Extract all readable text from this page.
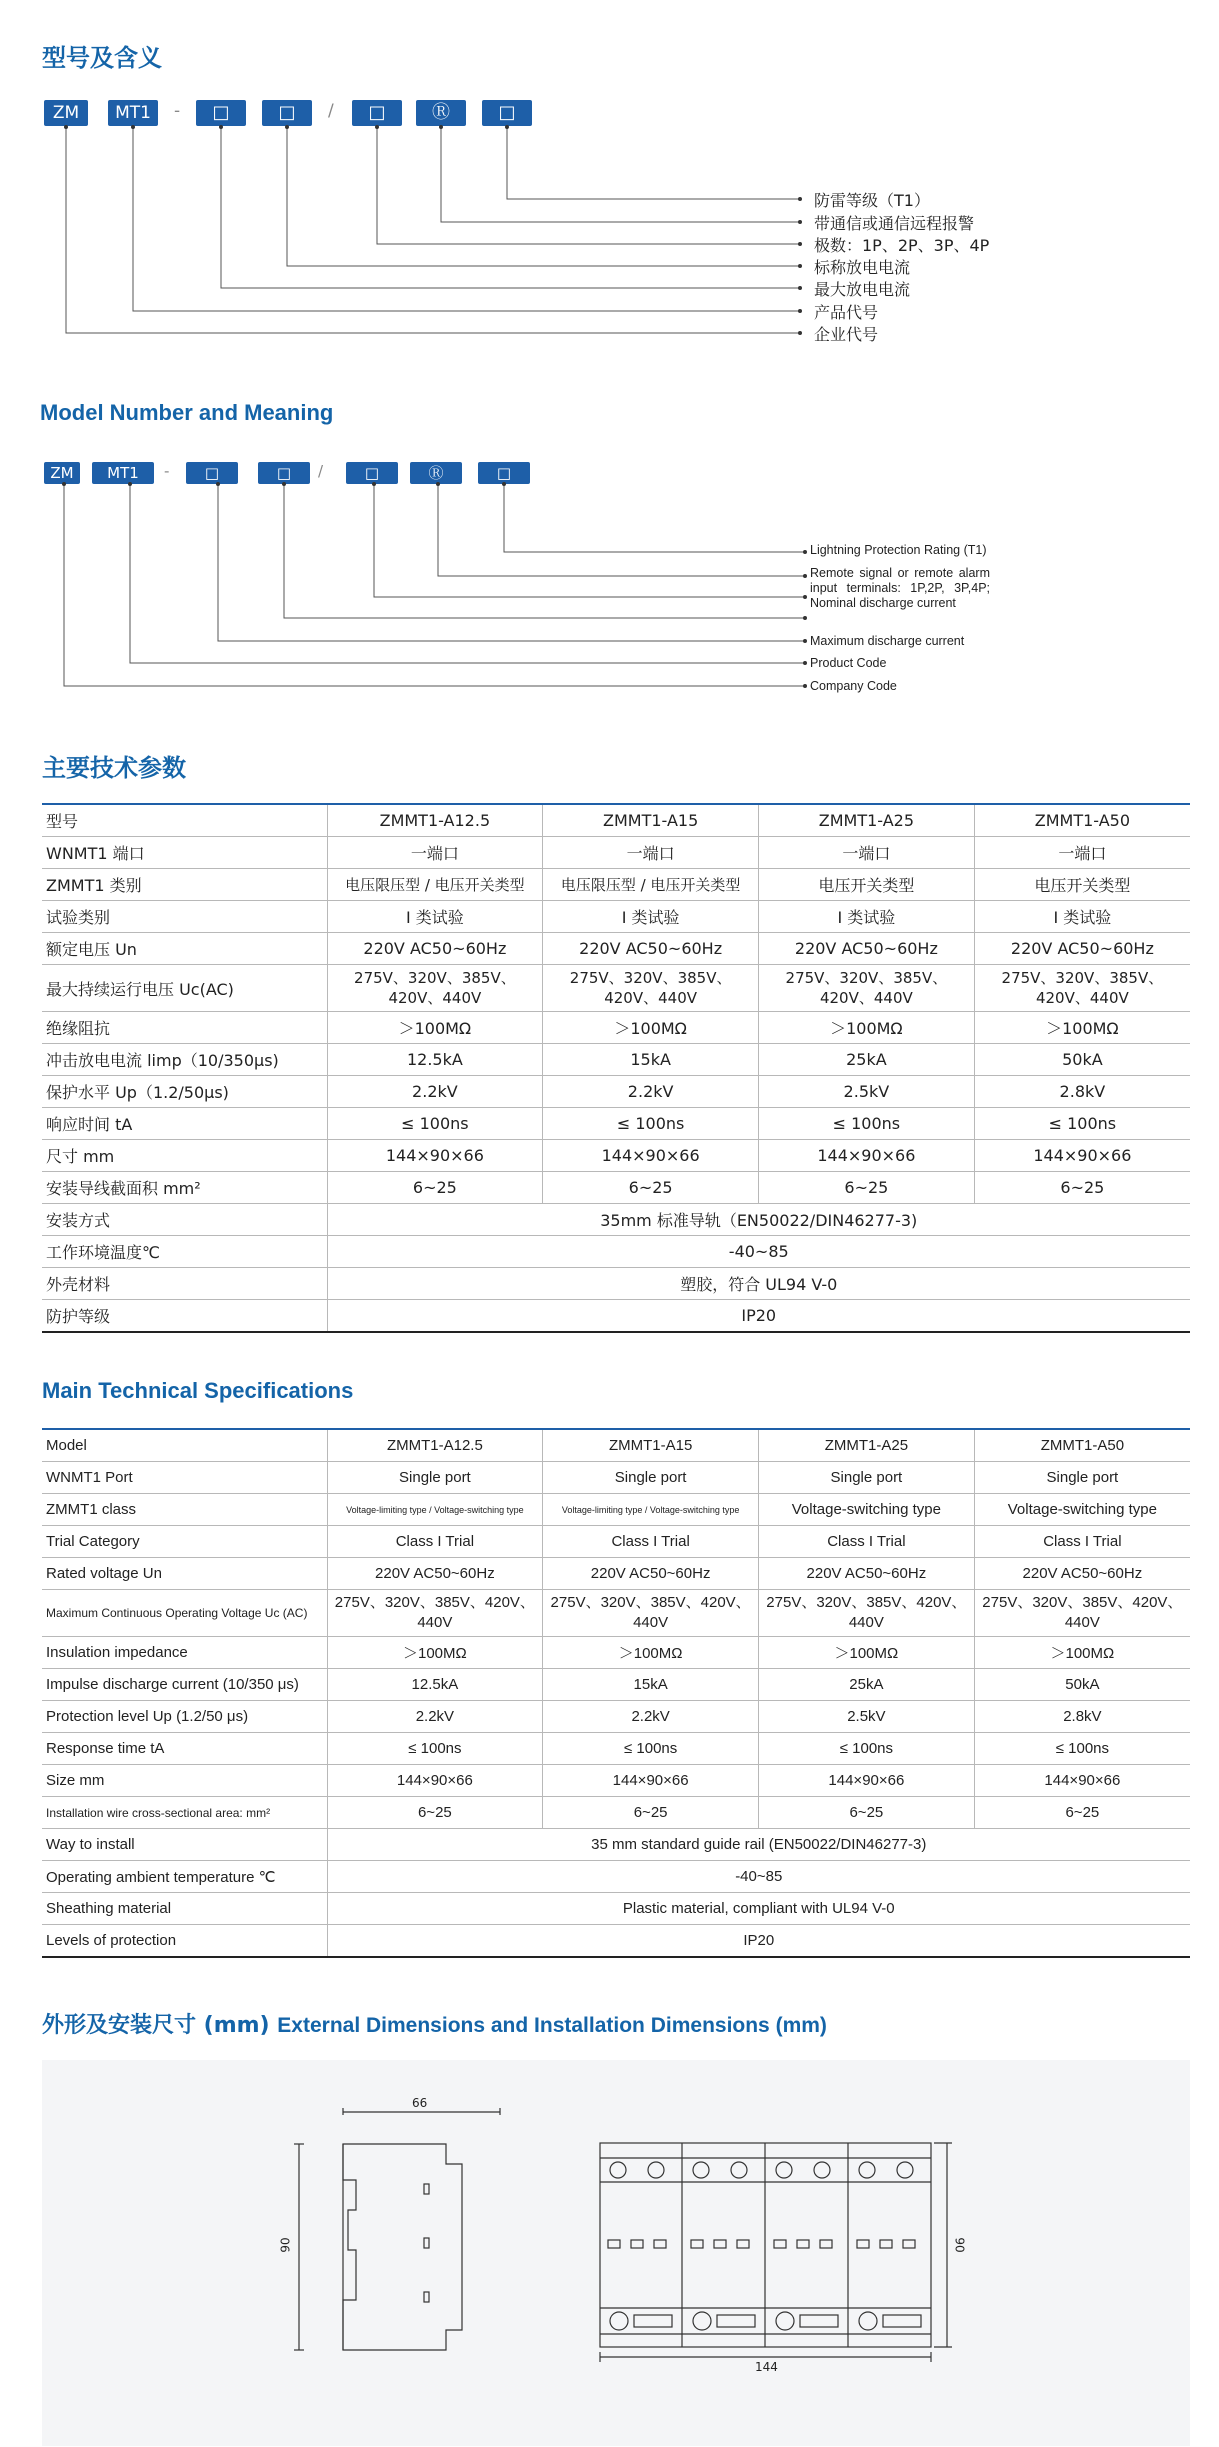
型号及含义
ZM	MT1	-	□	□	/	□	Ⓡ	□
防雷等级（T1）
带通信或通信远程报警
极数：1P、2P、3P、4P
标称放电电流
最大放电电流
产品代号
企业代号
Model Number and Meaning
ZM	MT1	-	□	□	/	□	Ⓡ	□
Lightning Protection Rating (T1)
Remote signal or remote alarm input terminals: 1P,2P, 3P,4P; Nominal discharge current
Maximum discharge current
Product Code
Company Code
主要技术参数
型号	ZMMT1-A12.5	ZMMT1-A15	ZMMT1-A25	ZMMT1-A50
WNMT1 端口	一端口	一端口	一端口	一端口
ZMMT1 类别	电压限压型 / 电压开关类型	电压限压型 / 电压开关类型	电压开关类型	电压开关类型
试验类别	I 类试验	I 类试验	I 类试验	I 类试验
额定电压 Un	220V AC50~60Hz	220V AC50~60Hz	220V AC50~60Hz	220V AC50~60Hz
最大持续运行电压 Uc(AC)	275V、320V、385V、420V、440V	275V、320V、385V、420V、440V	275V、320V、385V、420V、440V	275V、320V、385V、420V、440V
绝缘阻抗	＞100MΩ	＞100MΩ	＞100MΩ	＞100MΩ
冲击放电电流 limp（10/350μs)	12.5kA	15kA	25kA	50kA
保护水平 Up（1.2/50μs)	2.2kV	2.2kV	2.5kV	2.8kV
响应时间 tA	≤ 100ns	≤ 100ns	≤ 100ns	≤ 100ns
尺寸 mm	144×90×66	144×90×66	144×90×66	144×90×66
安装导线截面积 mm²	6~25	6~25	6~25	6~25
安装方式	35mm 标准导轨（EN50022/DIN46277-3)			
工作环境温度℃	-40~85			
外壳材料	塑胶，符合 UL94 V-0			
防护等级	IP20			
Main Technical Specifications
Model	ZMMT1-A12.5	ZMMT1-A15	ZMMT1-A25	ZMMT1-A50
WNMT1 Port	Single port	Single port	Single port	Single port
ZMMT1 class	Voltage-limiting type / Voltage-switching type	Voltage-limiting type / Voltage-switching type	Voltage-switching type	Voltage-switching type
Trial Category	Class I Trial	Class I Trial	Class I Trial	Class I Trial
Rated voltage Un	220V AC50~60Hz	220V AC50~60Hz	220V AC50~60Hz	220V AC50~60Hz
Maximum Continuous Operating Voltage Uc (AC)	275V、320V、385V、420V、440V	275V、320V、385V、420V、440V	275V、320V、385V、420V、440V	275V、320V、385V、420V、440V
Insulation impedance	＞100MΩ	＞100MΩ	＞100MΩ	＞100MΩ
Impulse discharge current (10/350 μs)	12.5kA	15kA	25kA	50kA
Protection level Up (1.2/50 μs)	2.2kV	2.2kV	2.5kV	2.8kV
Response time tA	≤ 100ns	≤ 100ns	≤ 100ns	≤ 100ns
Size mm	144×90×66	144×90×66	144×90×66	144×90×66
Installation wire cross-sectional area: mm²	6~25	6~25	6~25	6~25
Way to install	35 mm standard guide rail (EN50022/DIN46277-3)			
Operating ambient temperature ℃	-40~85			
Sheathing material	Plastic material, compliant with UL94 V-0			
Levels of protection	IP20			
外形及安装尺寸 (mm) External Dimensions and Installation Dimensions (mm)
66
90
144
90
